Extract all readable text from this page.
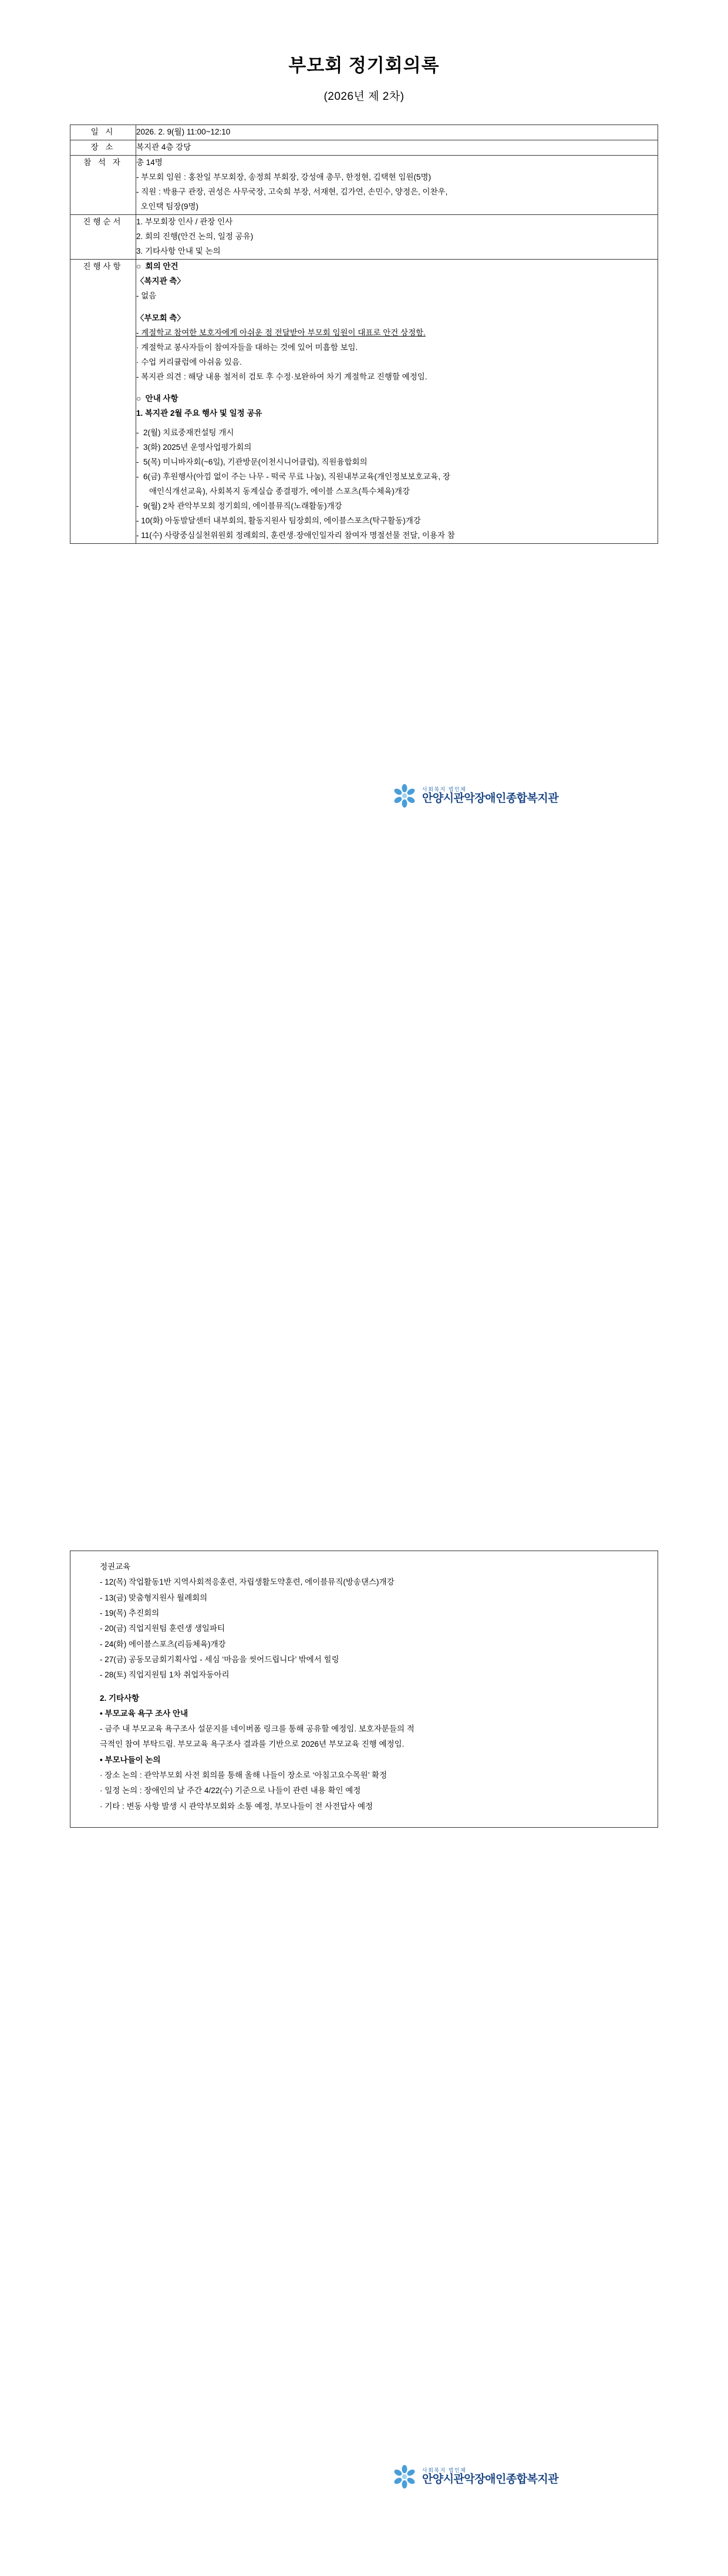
부모회 정기회의록
(2026년 제 2차)
일 시	2026. 2. 9(월) 11:00~12:10

장 소	복지관 4층 강당

참 석 자	총 14명
- 부모회 임원 : 홍찬일 부모회장, 송정희 부회장, 강성애 총무, 한정현, 김택현 임원(5명)
- 직원 : 박용구 관장, 권성은 사무국장, 고숙희 부장, 서재현, 김가연, 손민수, 양정은, 이찬우,
오인택 팀장(9명)

진행순서	1. 부모회장 인사 / 관장 인사
2. 회의 진행(안건 논의, 일정 공유)
3. 기타사항 안내 및 논의

진행사항	○  회의 안건
〈복지관 측〉
- 없음
〈부모회 측〉
- 계절학교 참여한 보호자에게 아쉬운 점 전달받아 부모회 임원이 대표로 안건 상정함.
· 계절학교 봉사자들이 참여자들을 대하는 것에 있어 미흡함 보임.
· 수업 커리큘럼에 아쉬움 있음.
- 복지관 의견 : 해당 내용 철저히 검토 후 수정·보완하여 차기 계절학교 진행할 예정임.
○  안내 사항
1. 복지관 2월 주요 행사 및 일정 공유
-  2(월) 치료중재컨설팅 개시
-  3(화) 2025년 운영사업평가회의
-  5(목) 미니바자회(~6일), 기관방문(이천시니어클럽), 직원융합회의
-  6(금) 후원행사(아낌 없이 주는 나무 - 떡국 무료 나눔), 직원내부교육(개인정보보호교육, 장
애인식개선교육), 사회복지 동계실습 종결평가, 에이블 스포츠(특수체육)개강
-  9(월) 2차 관악부모회 정기회의, 에이블뮤직(노래활동)개강
- 10(화) 아동발달센터 내부회의, 활동지원사 팀장회의, 에이블스포츠(탁구활동)개강
- 11(수) 사랑중심실천위원회 정례회의, 훈련생·장애인일자리 참여자 명절선물 전달, 이용자 참
사회복지 법인체
안양시관악장애인종합복지관
정권교육
- 12(목) 작업활동1반 지역사회적응훈련, 자립생활도약훈련, 에이블뮤직(방송댄스)개강
- 13(금) 맞춤형지원사 월례회의
- 19(목) 추진회의
- 20(금) 직업지원팀 훈련생 생일파티
- 24(화) 에이블스포츠(리듬체육)개강
- 27(금) 공동모금회기획사업 - 세심 ‘마음을 씻어드립니다’ 밖에서 힐링
- 28(토) 직업지원팀 1차 취업자동아리
2. 기타사항
• 부모교육 욕구 조사 안내
- 금주 내 부모교육 욕구조사 설문지를 네이버폼 링크를 통해 공유할 예정임. 보호자분들의 적
극적인 참여 부탁드림. 부모교육 욕구조사 결과를 기반으로 2026년 부모교육 진행 예정임.
• 부모나들이 논의
· 장소 논의 : 관악부모회 사전 회의를 통해 올해 나들이 장소로 ‘아침고요수목원’ 확정
· 일정 논의 : 장애인의 날 주간 4/22(수) 기준으로 나들이 관련 내용 확인 예정
· 기타 : 변동 사항 발생 시 관악부모회와 소통 예정, 부모나들이 전 사전답사 예정
사회복지 법인체
안양시관악장애인종합복지관
